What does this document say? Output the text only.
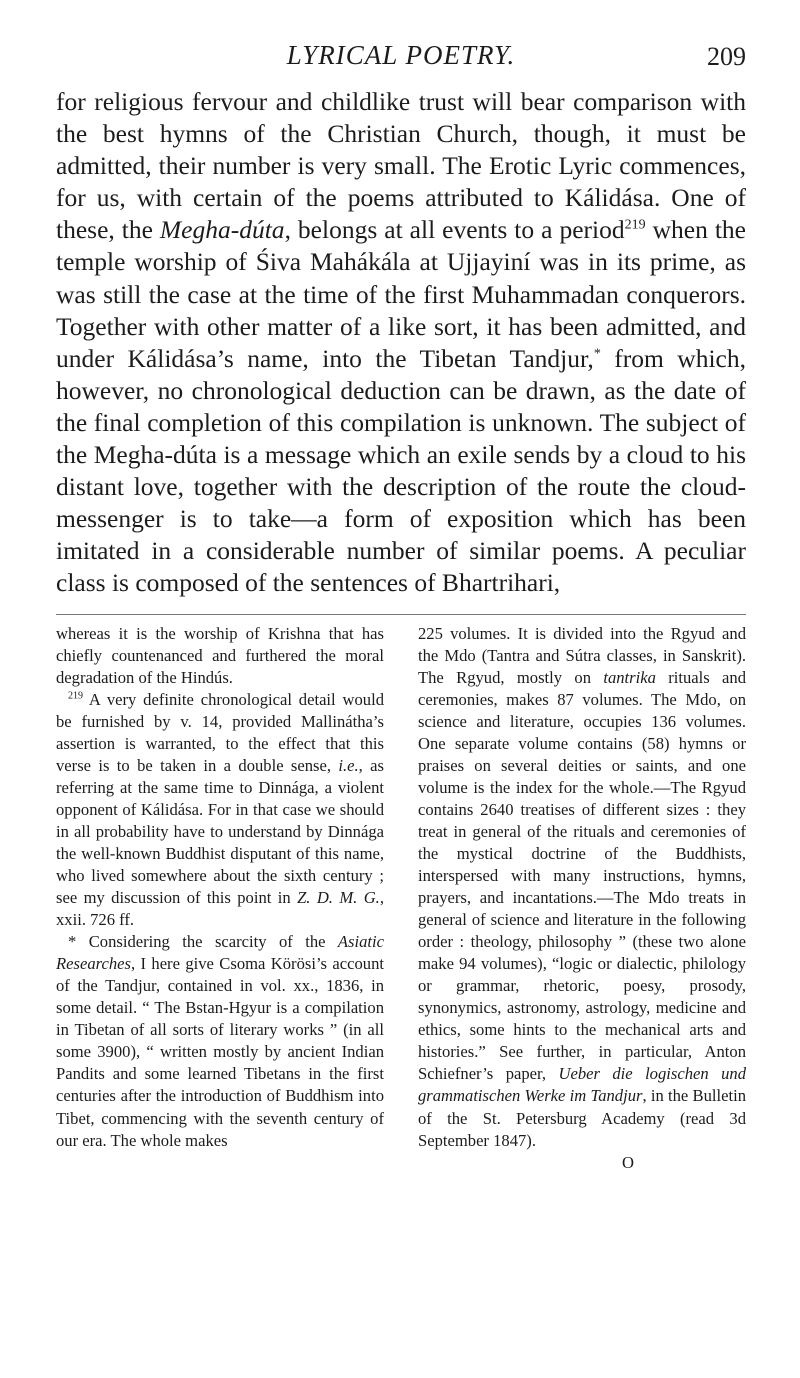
LYRICAL POETRY.	209

for religious fervour and childlike trust will bear comparison with the best hymns of the Christian Church, though, it must be admitted, their number is very small. The Erotic Lyric commences, for us, with certain of the poems attributed to Kálidása. One of these, the Megha-dúta, belongs at all events to a period$^{219}$ when the temple worship of Śiva Mahákála at Ujjayiní was in its prime, as was still the case at the time of the first Muhammadan conquerors. Together with other matter of a like sort, it has been admitted, and under Kálidása’s name, into the Tibetan Tandjur,* from which, however, no chronological deduction can be drawn, as the date of the final completion of this compilation is unknown. The subject of the Megha-dúta is a message which an exile sends by a cloud to his distant love, together with the description of the route the cloud-messenger is to take—a form of exposition which has been imitated in a considerable number of similar poems. A peculiar class is composed of the sentences of Bhartrihari,

whereas it is the worship of Krishna that has chiefly countenanced and furthered the moral degradation of the Hindús.

$^{219}$ A very definite chronological detail would be furnished by v. 14, provided Mallinátha’s assertion is warranted, to the effect that this verse is to be taken in a double sense, i.e., as referring at the same time to Dinnága, a violent opponent of Kálidása. For in that case we should in all probability have to understand by Dinnága the well-known Buddhist disputant of this name, who lived somewhere about the sixth century ; see my discussion of this point in Z. D. M. G., xxii. 726 ff.

* Considering the scarcity of the Asiatic Researches, I here give Csoma Körösi’s account of the Tandjur, contained in vol. xx., 1836, in some detail. “ The Bstan-Hgyur is a compilation in Tibetan of all sorts of literary works ” (in all some 3900), “ written mostly by ancient Indian Pandits and some learned Tibetans in the first centuries after the introduction of Buddhism into Tibet, commencing with the seventh century of our era. The whole makes

225 volumes. It is divided into the Rgyud and the Mdo (Tantra and Sútra classes, in Sanskrit). The Rgyud, mostly on tantrika rituals and ceremonies, makes 87 volumes. The Mdo, on science and literature, occupies 136 volumes. One separate volume contains (58) hymns or praises on several deities or saints, and one volume is the index for the whole.—The Rgyud contains 2640 treatises of different sizes : they treat in general of the rituals and ceremonies of the mystical doctrine of the Buddhists, interspersed with many instructions, hymns, prayers, and incantations.—The Mdo treats in general of science and literature in the following order : theology, philosophy ” (these two alone make 94 volumes), “logic or dialectic, philology or grammar, rhetoric, poesy, prosody, synonymics, astronomy, astrology, medicine and ethics, some hints to the mechanical arts and histories.” See further, in particular, Anton Schiefner’s paper, Ueber die logischen und grammatischen Werke im Tandjur, in the Bulletin of the St. Petersburg Academy (read 3d September 1847).

O
